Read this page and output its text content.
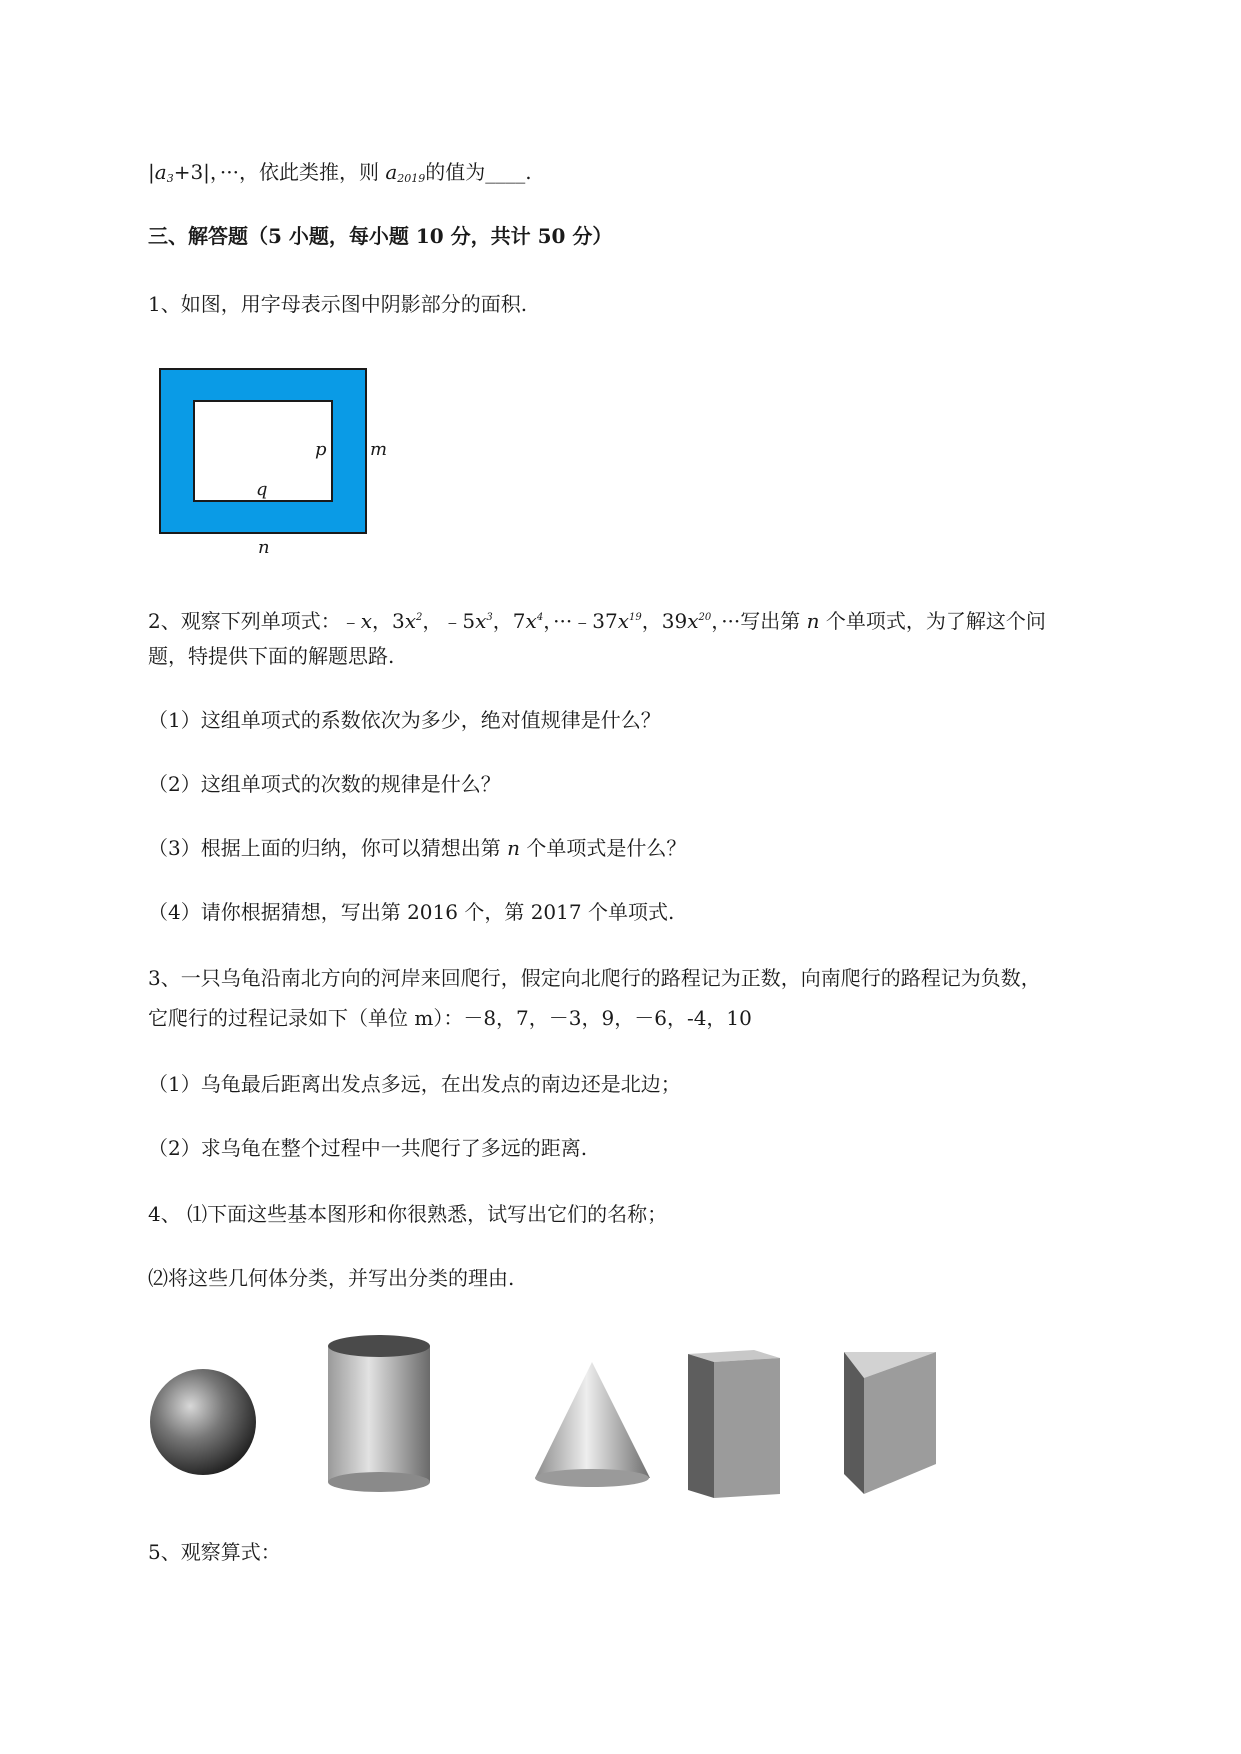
$|a_3+3|$，···，依此类推，则 $a_{2019}$的值为____.
三、解答题（5 小题，每小题 10 分，共计 50 分）
1、如图，用字母表示图中阴影部分的面积.
p m
q
n
2、观察下列单项式：﹣x，$3x^2$，$﹣5x^3$，$7x^4$，$\cdot\cdot\cdot﹣37x^{19}$，$39x^{20}$，···写出第 n 个单项式，为了解这个问
题，特提供下面的解题思路.
（1）这组单项式的系数依次为多少，绝对值规律是什么？
（2）这组单项式的次数的规律是什么？
（3）根据上面的归纳，你可以猜想出第 n 个单项式是什么？
（4）请你根据猜想，写出第 2016 个，第 2017 个单项式.
3、一只乌龟沿南北方向的河岸来回爬行，假定向北爬行的路程记为正数，向南爬行的路程记为负数，
它爬行的过程记录如下（单位 m）：－8，7，－3，9，－6，-4，10
（1）乌龟最后距离出发点多远，在出发点的南边还是北边；
（2）求乌龟在整个过程中一共爬行了多远的距离.
4、 ⑴下面这些基本图形和你很熟悉，试写出它们的名称；
⑵将这些几何体分类，并写出分类的理由.
5、观察算式：
